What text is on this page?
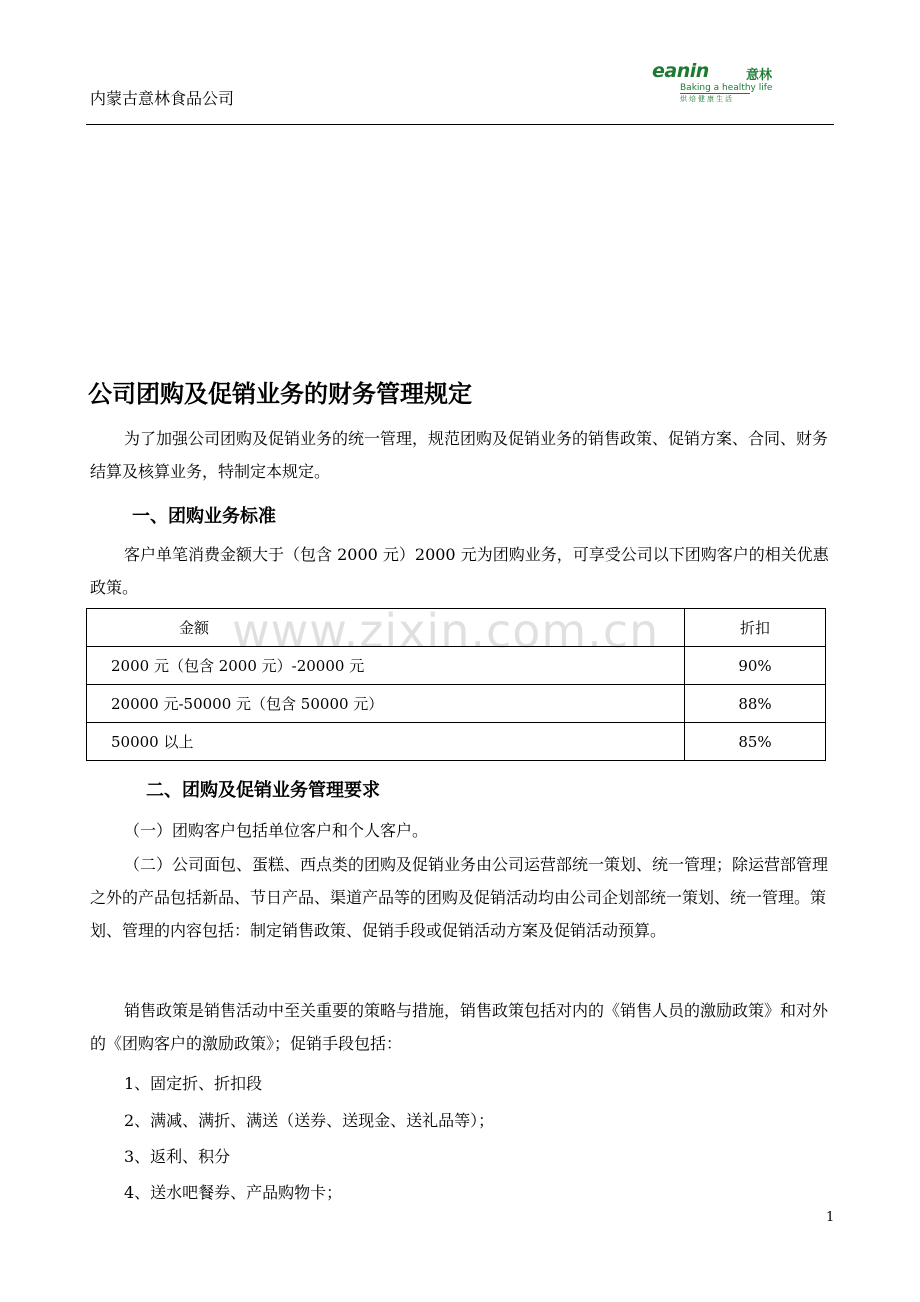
内蒙古意林食品公司
eanin	意林
Baking a healthy life
烘焙健康生活
公司团购及促销业务的财务管理规定
为了加强公司团购及促销业务的统一管理，规范团购及促销业务的销售政策、促销方案、合同、财务结算及核算业务，特制定本规定。
一、团购业务标准
客户单笔消费金额大于（包含 2000 元）2000 元为团购业务，可享受公司以下团购客户的相关优惠政策。
www.zixin.com.cn
金额	折扣
2000 元（包含 2000 元）-20000 元	90%
20000 元-50000 元（包含 50000 元）	88%
50000 以上	85%
二、团购及促销业务管理要求
（一）团购客户包括单位客户和个人客户。
（二）公司面包、蛋糕、西点类的团购及促销业务由公司运营部统一策划、统一管理；除运营部管理之外的产品包括新品、节日产品、渠道产品等的团购及促销活动均由公司企划部统一策划、统一管理。策划、管理的内容包括：制定销售政策、促销手段或促销活动方案及促销活动预算。
销售政策是销售活动中至关重要的策略与措施，销售政策包括对内的《销售人员的激励政策》和对外的《团购客户的激励政策》；促销手段包括：
1、固定折、折扣段
2、满减、满折、满送（送券、送现金、送礼品等）；
3、返利、积分
4、送水吧餐券、产品购物卡；
1
